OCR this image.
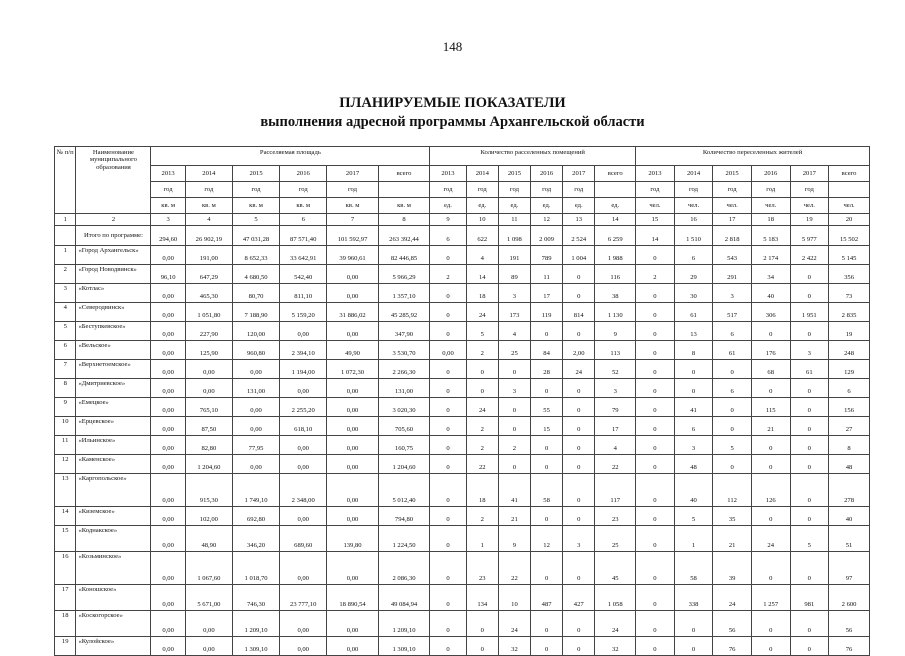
148
ПЛАНИРУЕМЫЕ ПОКАЗАТЕЛИ
выполнения адресной программы Архангельской области
№ п/п	Наименование муниципального образования	Расселяемая площадь						Количество расселенных помещений						Количество переселенных жителей					
		2013	2014	2015	2016	2017	всего	2013	2014	2015	2016	2017	всего	2013	2014	2015	2016	2017	всего
		год	год	год	год	год		год	год	год	год	год		год	год	год	год	год	
		кв. м	кв. м	кв. м	кв. м	кв. м	кв. м	ед.	ед.	ед.	ед.	ед.	ед.	чел.	чел.	чел.	чел.	чел.	чел.
1	2	3	4	5	6	7	8	9	10	11	12	13	14	15	16	17	18	19	20
	Итого по программе:	294,60	26 902,19	47 031,28	87 571,40	101 592,97	263 392,44	6	622	1 098	2 009	2 524	6 259	14	1 510	2 818	5 183	5 977	15 502
1	«Город Архангельск»	0,00	191,00	8 652,33	33 642,91	39 960,61	82 446,85	0	4	191	789	1 004	1 988	0	6	543	2 174	2 422	5 145
2	«Город Новодвинск»	96,10	647,29	4 680,50	542,40	0,00	5 966,29	2	14	89	11	0	116	2	29	291	34	0	356
3	«Котлас»	0,00	465,30	80,70	811,10	0,00	1 357,10	0	18	3	17	0	38	0	30	3	40	0	73
4	«Северодвинск»	0,00	1 051,80	7 188,90	5 159,20	31 886,02	45 285,92	0	24	173	119	814	1 130	0	61	517	306	1 951	2 835
5	«Беступкевское»	0,00	227,90	120,00	0,00	0,00	347,90	0	5	4	0	0	9	0	13	6	0	0	19
6	«Вельское»	0,00	125,90	960,80	2 394,10	49,90	3 530,70	0,00	2	25	84	2,00	113	0	8	61	176	3	248
7	«Верхнетоемское»	0,00	0,00	0,00	1 194,00	1 072,30	2 266,30	0	0	0	28	24	52	0	0	0	68	61	129
8	«Дмитриевское»	0,00	0,00	131,00	0,00	0,00	131,00	0	0	3	0	0	3	0	0	6	0	0	6
9	«Емецкое»	0,00	765,10	0,00	2 255,20	0,00	3 020,30	0	24	0	55	0	79	0	41	0	115	0	156
10	«Ерцевское»	0,00	87,50	0,00	618,10	0,00	705,60	0	2	0	15	0	17	0	6	0	21	0	27
11	«Ильинское»	0,00	82,80	77,95	0,00	0,00	160,75	0	2	2	0	0	4	0	3	5	0	0	8
12	«Каменское»	0,00	1 204,60	0,00	0,00	0,00	1 204,60	0	22	0	0	0	22	0	48	0	0	0	48
13	«Каргопольское»	0,00	915,30	1 749,10	2 348,00	0,00	5 012,40	0	18	41	58	0	117	0	40	112	126	0	278
14	«Киземское»	0,00	102,00	692,80	0,00	0,00	794,80	0	2	21	0	0	23	0	5	35	0	0	40
15	«Коднакское»	0,00	48,90	346,20	689,60	139,80	1 224,50	0	1	9	12	3	25	0	1	21	24	5	51
16	«Козьминское»	0,00	1 067,60	1 018,70	0,00	0,00	2 086,30	0	23	22	0	0	45	0	58	39	0	0	97
17	«Коношское»	0,00	5 671,00	746,30	23 777,10	18 890,54	49 084,94	0	134	10	487	427	1 058	0	338	24	1 257	981	2 600
18	«Коскогорское»	0,00	0,00	1 209,10	0,00	0,00	1 209,10	0	0	24	0	0	24	0	0	56	0	0	56
19	«Кулойское»	0,00	0,00	1 309,10	0,00	0,00	1 309,10	0	0	32	0	0	32	0	0	76	0	0	76
